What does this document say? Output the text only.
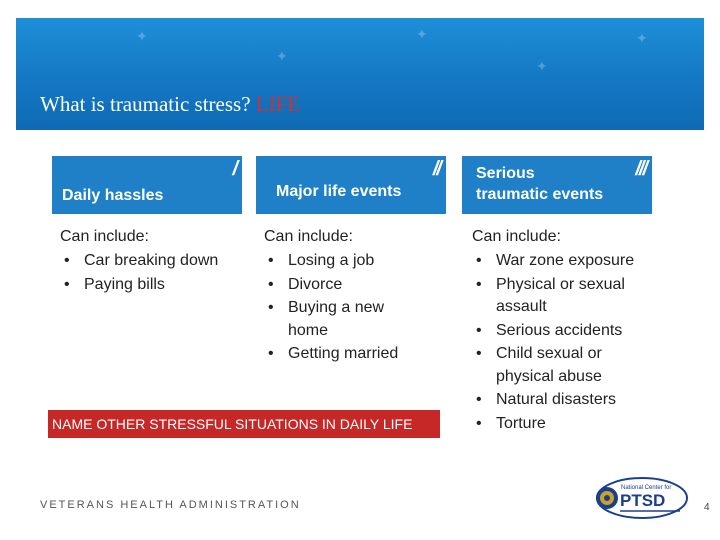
✦
✦
✦
✦
✦
What is traumatic stress? LIFE
Daily hassles
/
Major life events
// Serious
traumatic events
///
Can include:
• Car breaking down
• Paying bills
Can include:
• Losing a job
• Divorce
• Buying a new home
• Getting married
Can include:
• War zone exposure
• Physical or sexual assault
• Serious accidents
• Child sexual or physical abuse
• Natural disasters
• Torture
NAME OTHER STRESSFUL SITUATIONS IN DAILY LIFE
VETERANS HEALTH ADMINISTRATION
National Center for
PTSD	4
